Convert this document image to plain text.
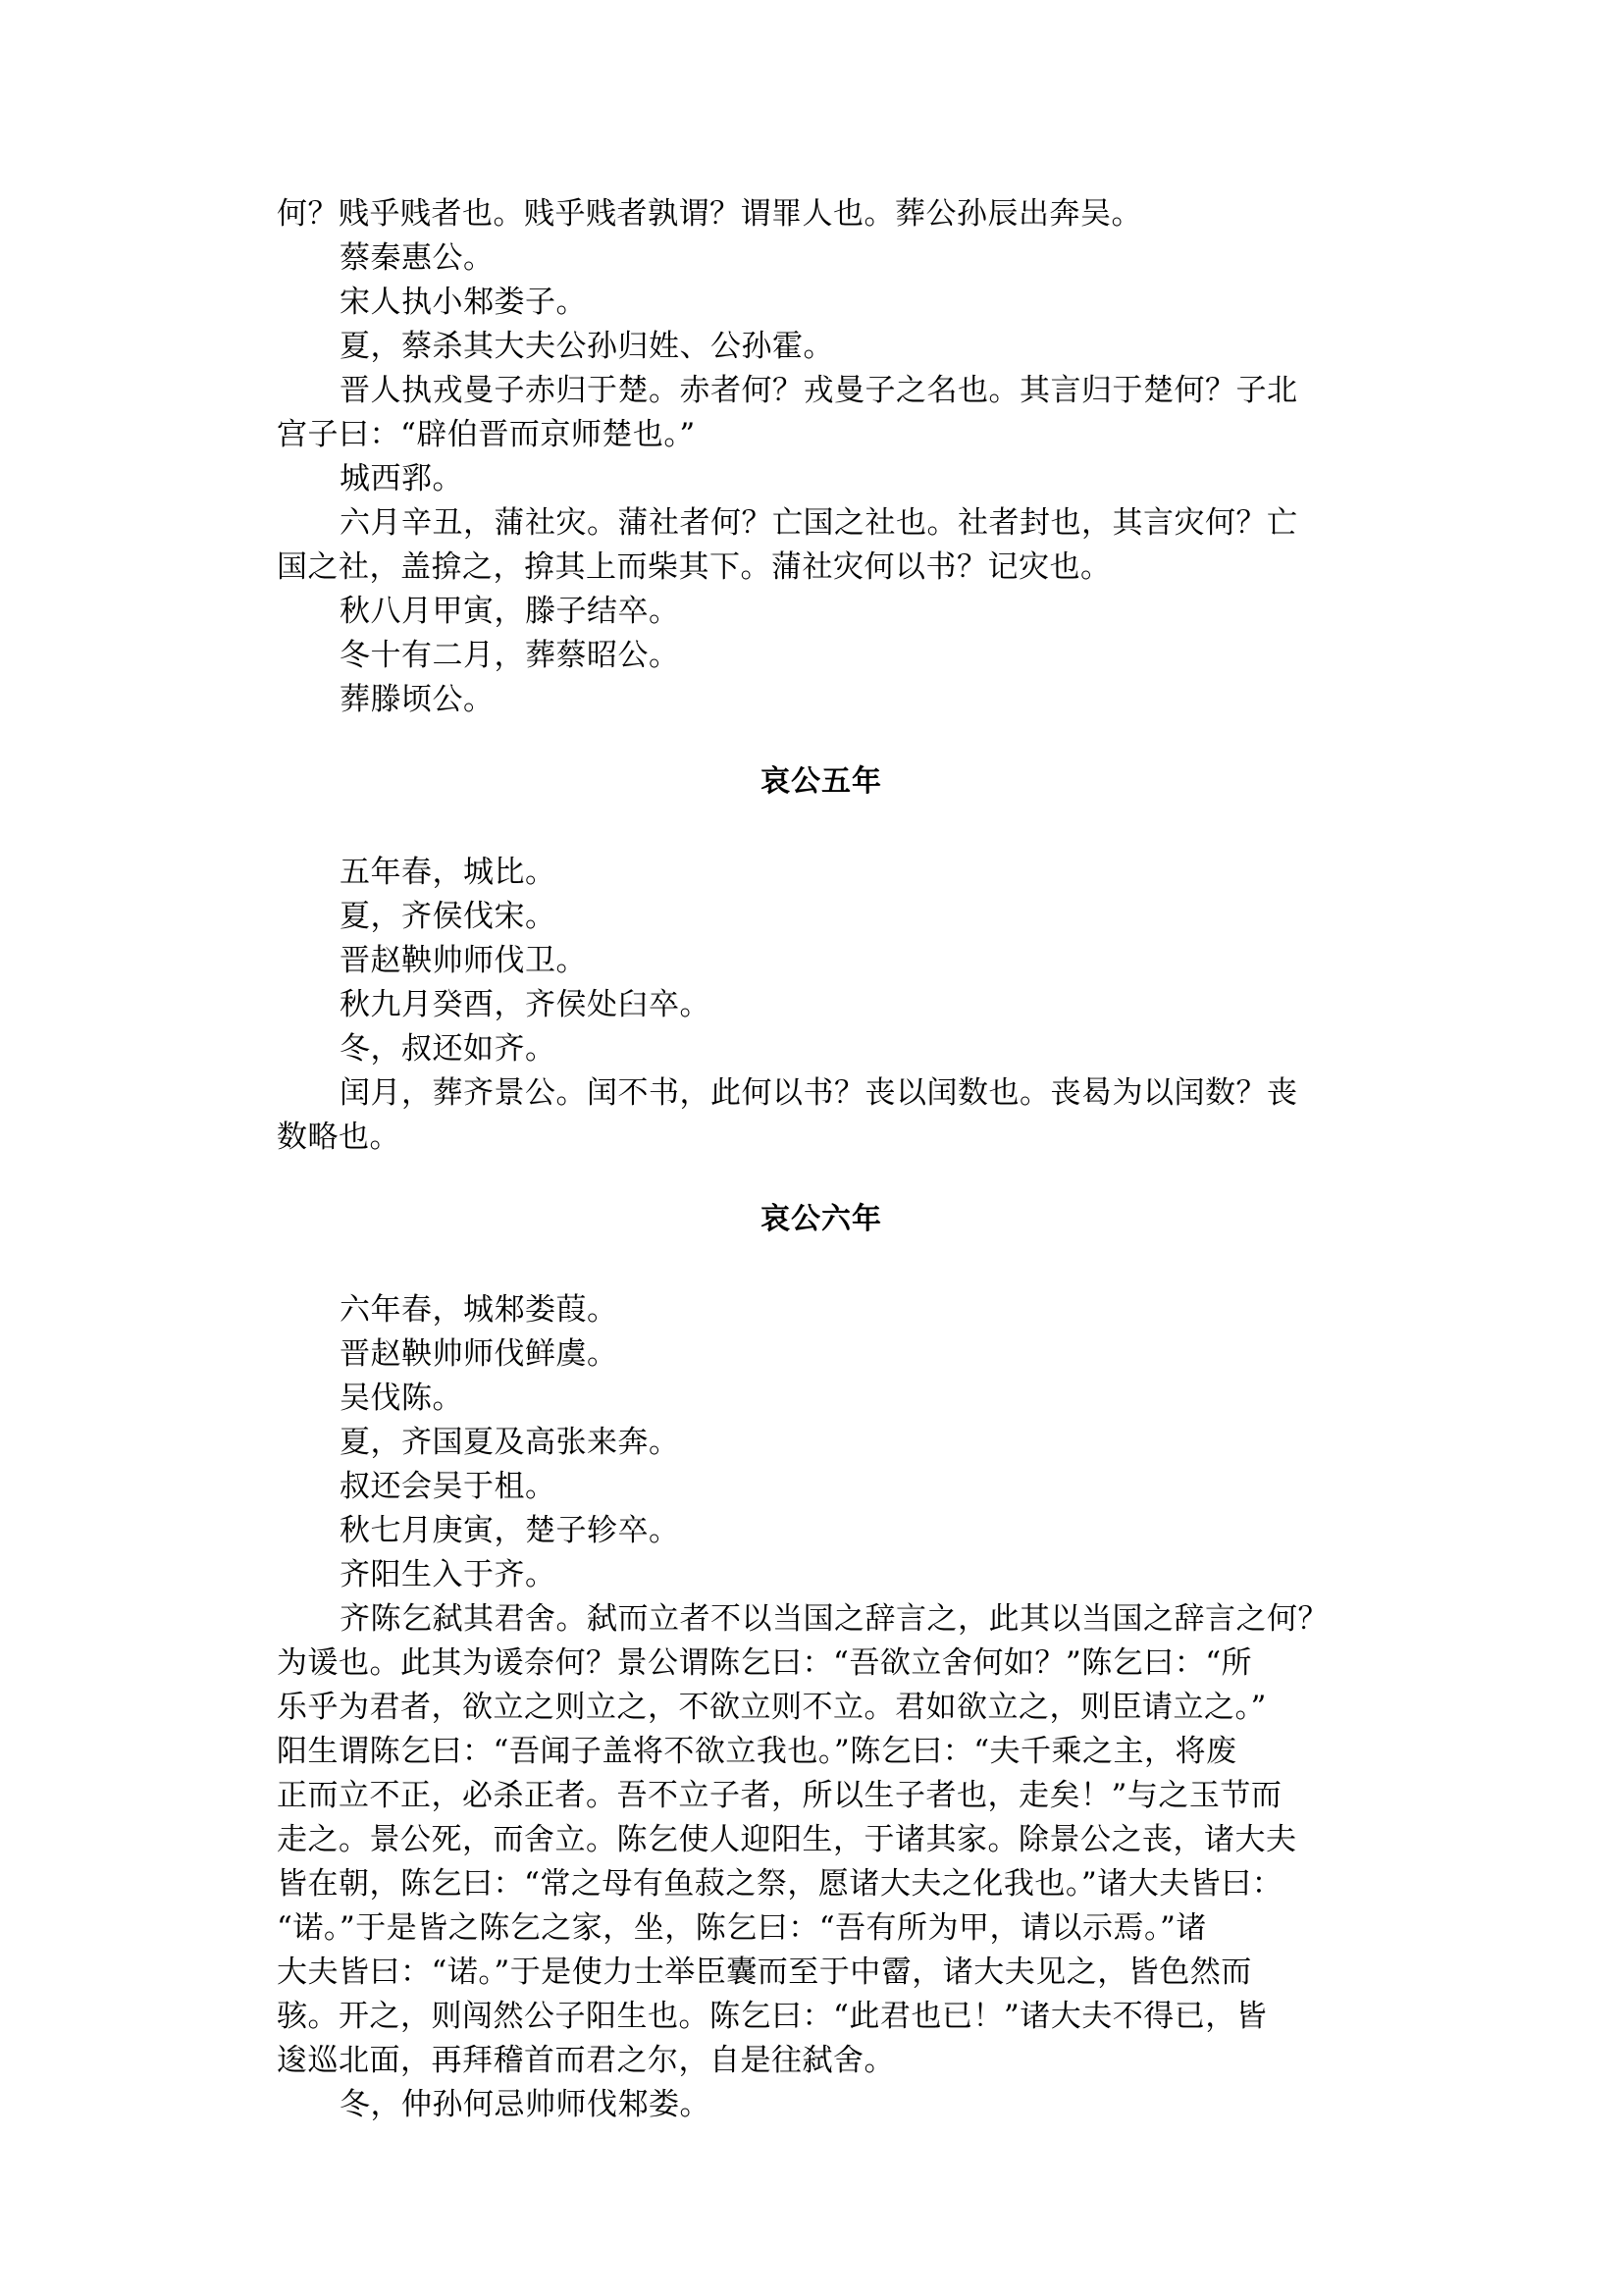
何？贱乎贱者也。贱乎贱者孰谓？谓罪人也。葬公孙辰出奔吴。

蔡秦惠公。

宋人执小邾娄子。

夏，蔡杀其大夫公孙归姓、公孙霍。

晋人执戎曼子赤归于楚。赤者何？戎曼子之名也。其言归于楚何？子北

宫子曰：“辟伯晋而京师楚也。”

城西郛。

六月辛丑，蒲社灾。蒲社者何？亡国之社也。社者封也，其言灾何？亡

国之社，盖揜之，揜其上而柴其下。蒲社灾何以书？记灾也。

秋八月甲寅，滕子结卒。

冬十有二月，葬蔡昭公。

葬滕顷公。

哀公五年

五年春，城比。

夏，齐侯伐宋。

晋赵鞅帅师伐卫。

秋九月癸酉，齐侯处臼卒。

冬，叔还如齐。

闰月，葬齐景公。闰不书，此何以书？丧以闰数也。丧曷为以闰数？丧

数略也。

哀公六年

六年春，城邾娄葭。

晋赵鞅帅师伐鲜虞。

吴伐陈。

夏，齐国夏及高张来奔。

叔还会吴于柤。

秋七月庚寅，楚子轸卒。

齐阳生入于齐。

齐陈乞弑其君舍。弑而立者不以当国之辞言之，此其以当国之辞言之何？

为谖也。此其为谖奈何？景公谓陈乞曰：“吾欲立舍何如？”陈乞曰：“所

乐乎为君者，欲立之则立之，不欲立则不立。君如欲立之，则臣请立之。”

阳生谓陈乞曰：“吾闻子盖将不欲立我也。”陈乞曰：“夫千乘之主，将废

正而立不正，必杀正者。吾不立子者，所以生子者也，走矣！”与之玉节而

走之。景公死，而舍立。陈乞使人迎阳生，于诸其家。除景公之丧，诸大夫

皆在朝，陈乞曰：“常之母有鱼菽之祭，愿诸大夫之化我也。”诸大夫皆曰：

“诺。”于是皆之陈乞之家，坐，陈乞曰：“吾有所为甲，请以示焉。”诸

大夫皆曰：“诺。”于是使力士举臣囊而至于中霤，诸大夫见之，皆色然而

骇。开之，则闯然公子阳生也。陈乞曰：“此君也已！”诸大夫不得已，皆

逡巡北面，再拜稽首而君之尔，自是往弑舍。

冬，仲孙何忌帅师伐邾娄。
